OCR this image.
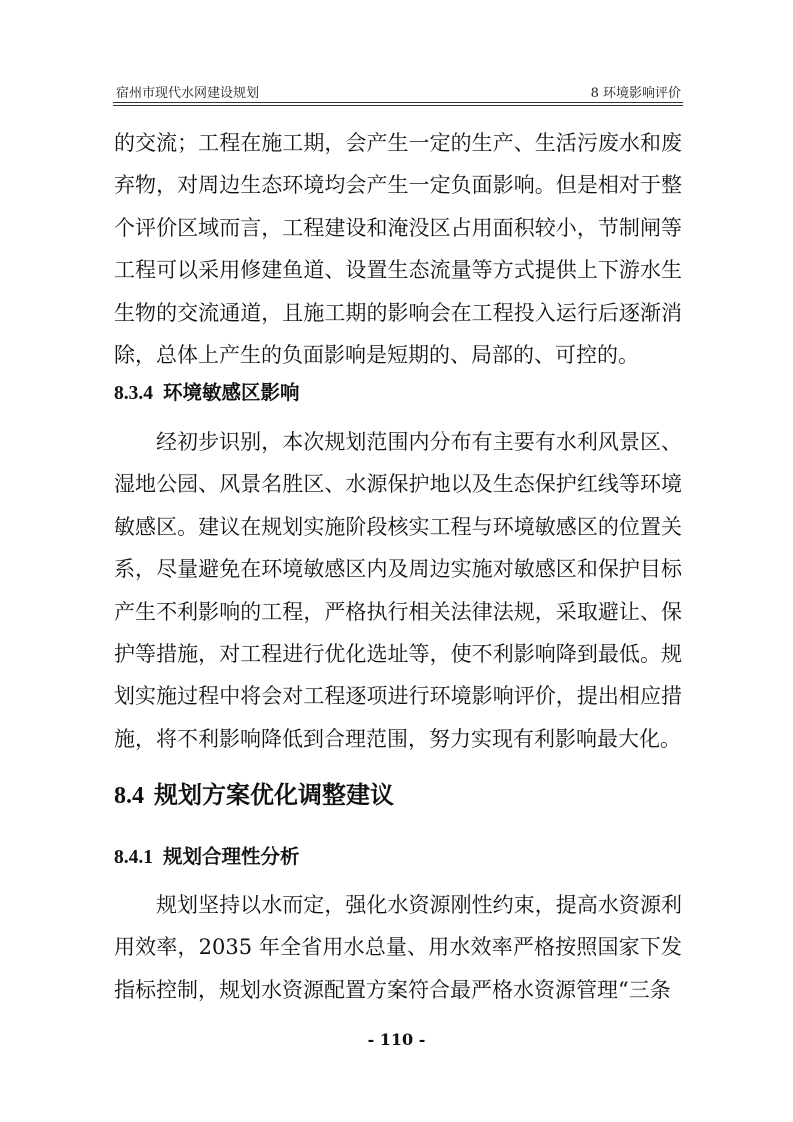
宿州市现代水网建设规划	8 环境影响评价

的交流；工程在施工期，会产生一定的生产、生活污废水和废弃物，对周边生态环境均会产生一定负面影响。但是相对于整个评价区域而言，工程建设和淹没区占用面积较小，节制闸等工程可以采用修建鱼道、设置生态流量等方式提供上下游水生生物的交流通道，且施工期的影响会在工程投入运行后逐渐消除，总体上产生的负面影响是短期的、局部的、可控的。

8.3.4 环境敏感区影响

经初步识别，本次规划范围内分布有主要有水利风景区、湿地公园、风景名胜区、水源保护地以及生态保护红线等环境敏感区。建议在规划实施阶段核实工程与环境敏感区的位置关系，尽量避免在环境敏感区内及周边实施对敏感区和保护目标产生不利影响的工程，严格执行相关法律法规，采取避让、保护等措施，对工程进行优化选址等，使不利影响降到最低。规划实施过程中将会对工程逐项进行环境影响评价，提出相应措施，将不利影响降低到合理范围，努力实现有利影响最大化。

8.4 规划方案优化调整建议
8.4.1 规划合理性分析

规划坚持以水而定，强化水资源刚性约束，提高水资源利用效率，2035 年全省用水总量、用水效率严格按照国家下发指标控制，规划水资源配置方案符合最严格水资源管理“三条

- 110 -
